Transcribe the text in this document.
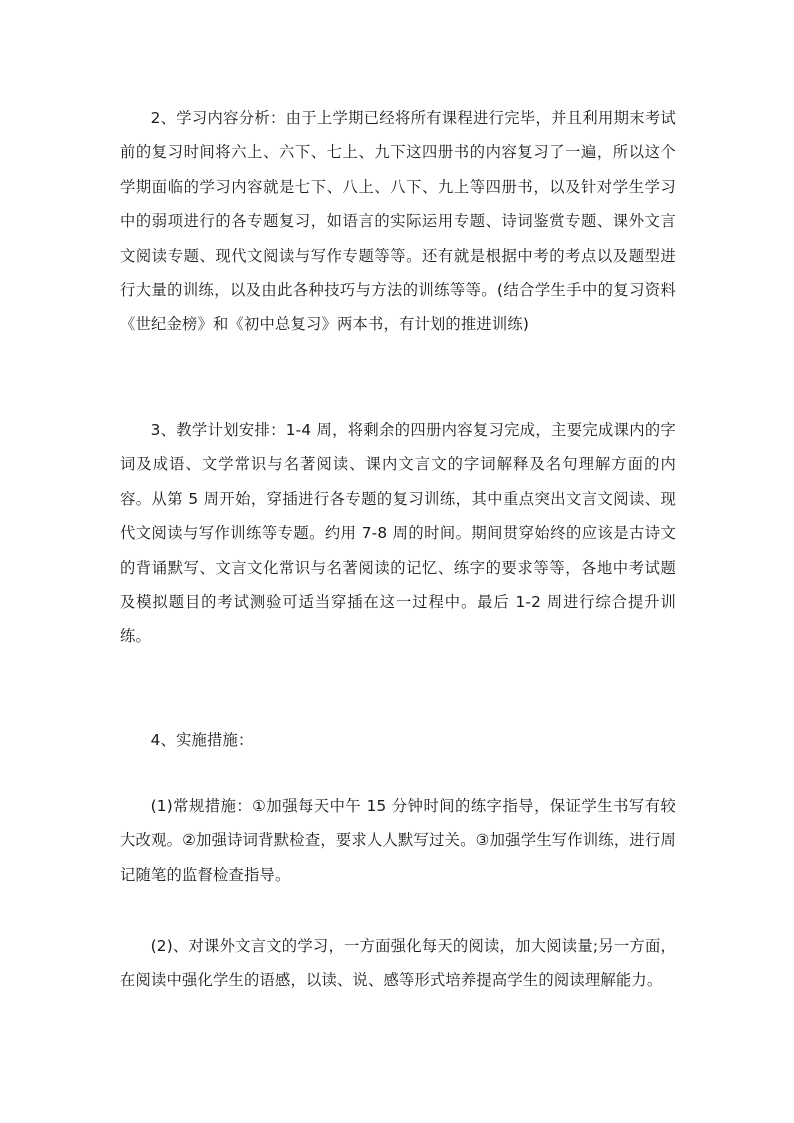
2、学习内容分析：由于上学期已经将所有课程进行完毕，并且利用期末考试前的复习时间将六上、六下、七上、九下这四册书的内容复习了一遍，所以这个学期面临的学习内容就是七下、八上、八下、九上等四册书，以及针对学生学习中的弱项进行的各专题复习，如语言的实际运用专题、诗词鉴赏专题、课外文言文阅读专题、现代文阅读与写作专题等等。还有就是根据中考的考点以及题型进行大量的训练，以及由此各种技巧与方法的训练等等。(结合学生手中的复习资料《世纪金榜》和《初中总复习》两本书，有计划的推进训练)

3、教学计划安排：1-4 周，将剩余的四册内容复习完成，主要完成课内的字词及成语、文学常识与名著阅读、课内文言文的字词解释及名句理解方面的内容。从第 5 周开始，穿插进行各专题的复习训练，其中重点突出文言文阅读、现代文阅读与写作训练等专题。约用 7-8 周的时间。期间贯穿始终的应该是古诗文的背诵默写、文言文化常识与名著阅读的记忆、练字的要求等等，各地中考试题及模拟题目的考试测验可适当穿插在这一过程中。最后 1-2 周进行综合提升训练。

4、实施措施：

(1)常规措施：①加强每天中午 15 分钟时间的练字指导，保证学生书写有较大改观。②加强诗词背默检查，要求人人默写过关。③加强学生写作训练，进行周记随笔的监督检查指导。

(2)、对课外文言文的学习，一方面强化每天的阅读，加大阅读量;另一方面，在阅读中强化学生的语感，以读、说、感等形式培养提高学生的阅读理解能力。
